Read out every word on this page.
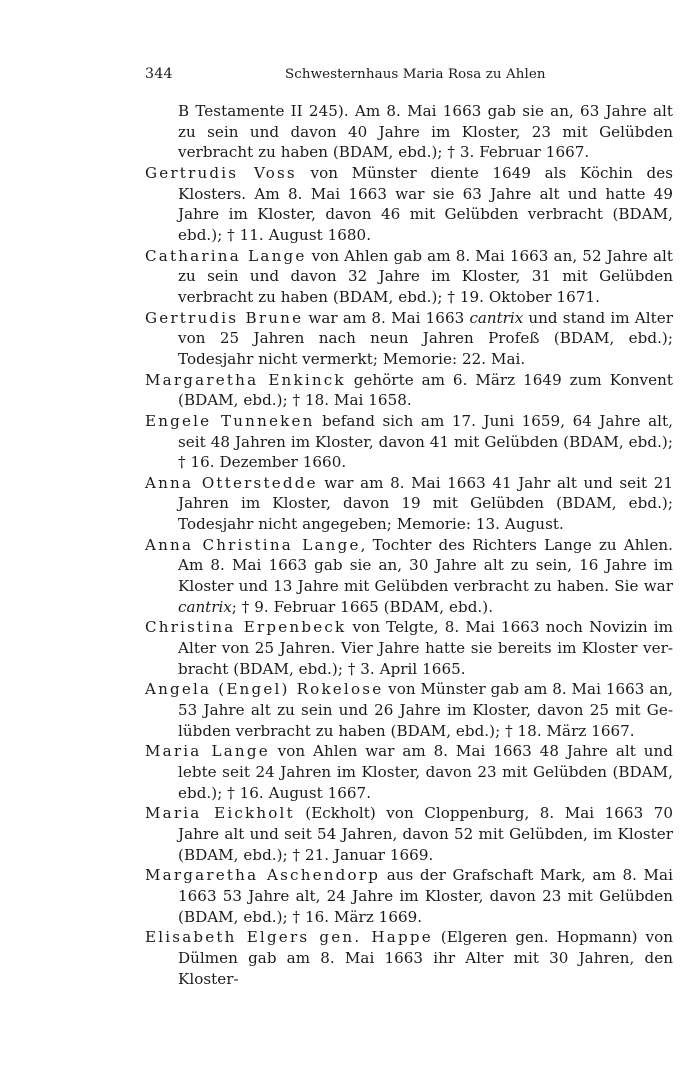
344	Schwesternhaus Maria Rosa zu Ahlen

B Testamente II 245). Am 8. Mai 1663 gab sie an, 63 Jahre alt zu sein und davon 40 Jahre im Kloster, 23 mit Gelübden verbracht zu haben (BDAM, ebd.); † 3. Februar 1667.

Gertrudis Voss von Münster diente 1649 als Köchin des Klosters. Am 8. Mai 1663 war sie 63 Jahre alt und hatte 49 Jahre im Kloster, davon 46 mit Gelübden verbracht (BDAM, ebd.); † 11. August 1680.

Catharina Lange von Ahlen gab am 8. Mai 1663 an, 52 Jahre alt zu sein und davon 32 Jahre im Kloster, 31 mit Gelübden verbracht zu haben (BDAM, ebd.); † 19. Oktober 1671.

Gertrudis Brune war am 8. Mai 1663 cantrix und stand im Alter von 25 Jahren nach neun Jahren Profeß (BDAM, ebd.); Todesjahr nicht vermerkt; Memorie: 22. Mai.

Margaretha Enkinck gehörte am 6. März 1649 zum Konvent (BDAM, ebd.); † 18. Mai 1658.

Engele Tunneken befand sich am 17. Juni 1659, 64 Jahre alt, seit 48 Jahren im Kloster, davon 41 mit Gelübden (BDAM, ebd.); † 16. Dezember 1660.

Anna Otterstedde war am 8. Mai 1663 41 Jahr alt und seit 21 Jahren im Kloster, davon 19 mit Gelübden (BDAM, ebd.); Todesjahr nicht angegeben; Memorie: 13. August.

Anna Christina Lange, Tochter des Richters Lange zu Ahlen. Am 8. Mai 1663 gab sie an, 30 Jahre alt zu sein, 16 Jahre im Kloster und 13 Jahre mit Gelübden verbracht zu haben. Sie war cantrix; † 9. Februar 1665 (BDAM, ebd.).

Christina Erpenbeck von Telgte, 8. Mai 1663 noch Novizin im Alter von 25 Jahren. Vier Jahre hatte sie bereits im Kloster verbracht (BDAM, ebd.); † 3. April 1665.

Angela (Engel) Rokelose von Münster gab am 8. Mai 1663 an, 53 Jahre alt zu sein und 26 Jahre im Kloster, davon 25 mit Gelübden verbracht zu haben (BDAM, ebd.); † 18. März 1667.

Maria Lange von Ahlen war am 8. Mai 1663 48 Jahre alt und lebte seit 24 Jahren im Kloster, davon 23 mit Gelübden (BDAM, ebd.); † 16. August 1667.

Maria Eickholt (Eckholt) von Cloppenburg, 8. Mai 1663 70 Jahre alt und seit 54 Jahren, davon 52 mit Gelübden, im Kloster (BDAM, ebd.); † 21. Januar 1669.

Margaretha Aschendorp aus der Grafschaft Mark, am 8. Mai 1663 53 Jahre alt, 24 Jahre im Kloster, davon 23 mit Gelübden (BDAM, ebd.); † 16. März 1669.

Elisabeth Elgers gen. Happe (Elgeren gen. Hopmann) von Dülmen gab am 8. Mai 1663 ihr Alter mit 30 Jahren, den Kloster-
